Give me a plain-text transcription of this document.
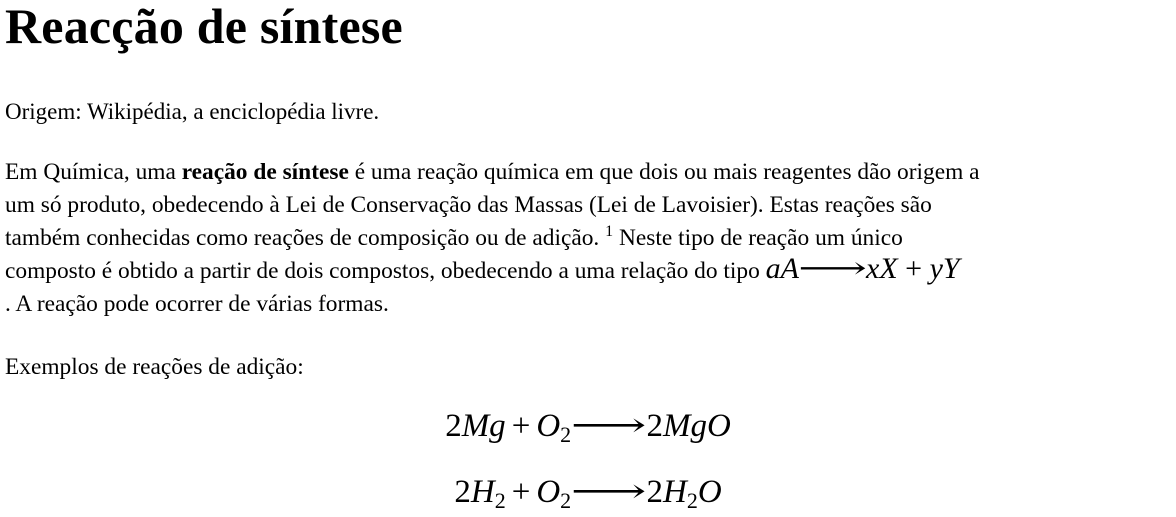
Reacção de síntese
Origem: Wikipédia, a enciclopédia livre.
Em Química, uma reação de síntese é uma reação química em que dois ou mais reagentes dão origem a
um só produto, obedecendo à Lei de Conservação das Massas (Lei de Lavoisier). Estas reações são
também conhecidas como reações de composição ou de adição. $^1$ Neste tipo de reação um único
composto é obtido a partir de dois compostos, obedecendo a uma relação do tipo aA⟶xX + yY
. A reação pode ocorrer de várias formas.
Exemplos de reações de adição:
$2Mg + O_2⟶2MgO$
$2H_2$ + $O_2⟶2H_2O$
